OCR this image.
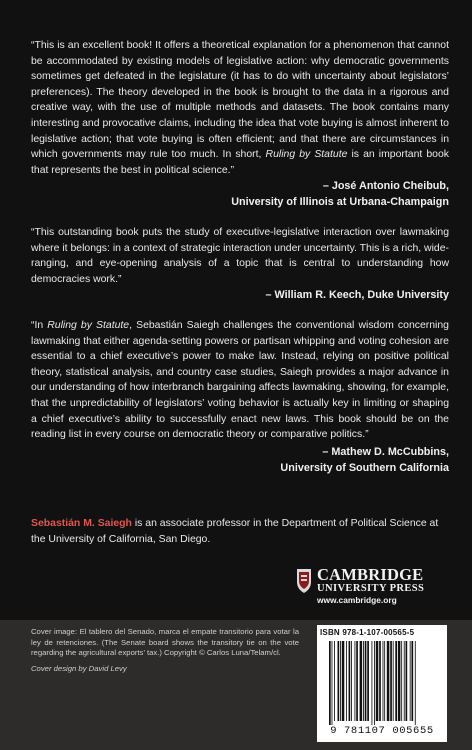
“This is an excellent book! It offers a theoretical explanation for a phenomenon that cannot be accommodated by existing models of legislative action: why democratic governments sometimes get defeated in the legislature (it has to do with uncertainty about legislators’ preferences). The theory developed in the book is brought to the data in a rigorous and creative way, with the use of multiple methods and datasets. The book contains many interesting and provocative claims, including the idea that vote buying is almost inherent to legislative action; that vote buying is often efficient; and that there are circumstances in which governments may rule too much. In short, Ruling by Statute is an important book that represents the best in political science.”

– José Antonio Cheibub,
University of Illinois at Urbana-Champaign

“This outstanding book puts the study of executive-legislative interaction over lawmaking where it belongs: in a context of strategic interaction under uncertainty. This is a rich, wide-ranging, and eye-opening analysis of a topic that is central to understanding how democracies work.”

– William R. Keech, Duke University

“In Ruling by Statute, Sebastián Saiegh challenges the conventional wisdom concerning lawmaking that either agenda-setting powers or partisan whipping and voting cohesion are essential to a chief executive’s power to make law. Instead, relying on positive political theory, statistical analysis, and country case studies, Saiegh provides a major advance in our understanding of how interbranch bargaining affects lawmaking, showing, for example, that the unpredictability of legislators’ voting behavior is actually key in limiting or shaping a chief executive’s ability to successfully enact new laws. This book should be on the reading list in every course on democratic theory or comparative politics.”

– Mathew D. McCubbins,
University of Southern California

Sebastián M. Saiegh is an associate professor in the Department of Political Science at the University of California, San Diego.

CAMBRIDGE
UNIVERSITY PRESS
www.cambridge.org

Cover image: El tablero del Senado, marca el empate transitorio para votar la ley de retenciones. (The Senate board shows the transitory tie on the vote regarding the agricultural exports’ tax.) Copyright © Carlos Luna/Telam/cl.

Cover design by David Levy

ISBN 978-1-107-00565-5
9 781107 005655
